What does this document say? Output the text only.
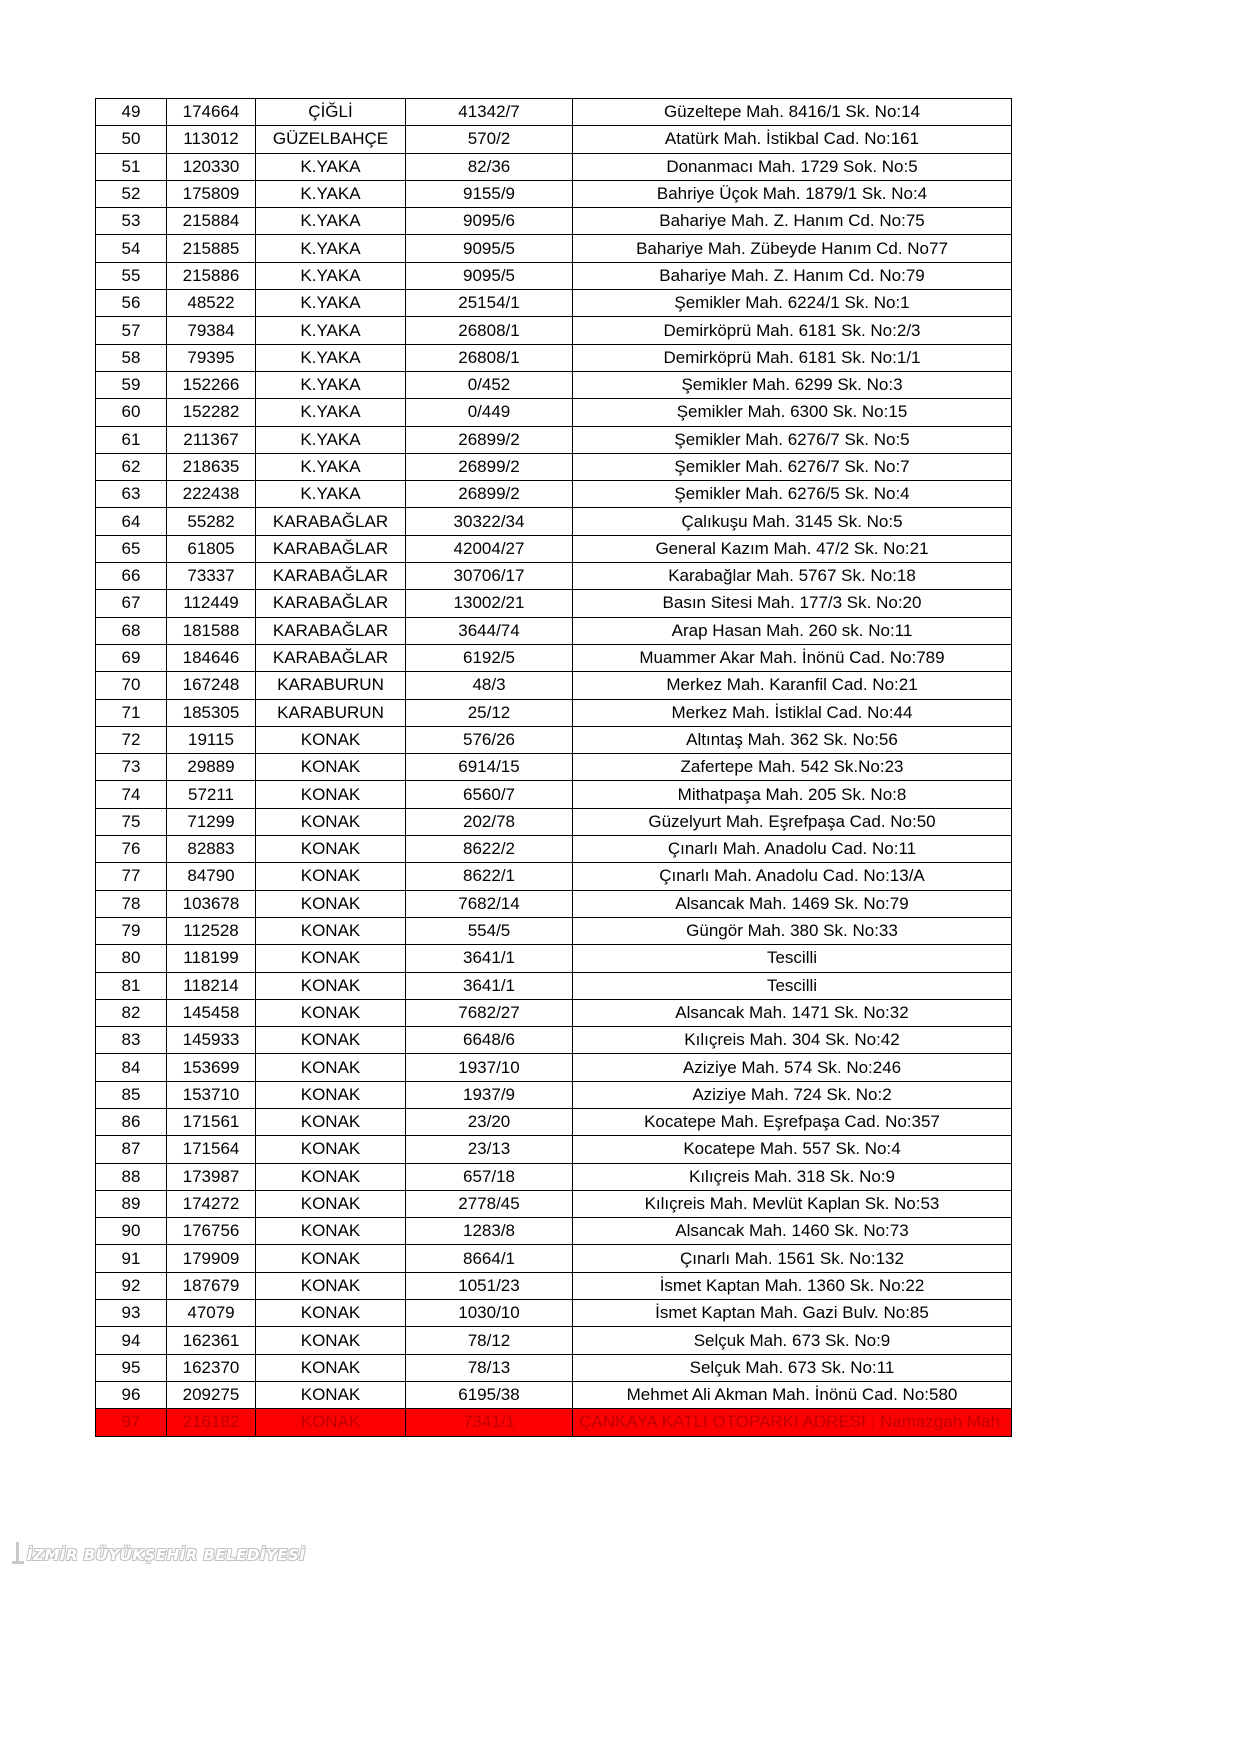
49	174664	ÇİĞLİ	41342/7	Güzeltepe Mah. 8416/1 Sk. No:14
50	113012	GÜZELBAHÇE	570/2	Atatürk Mah. İstikbal Cad. No:161
51	120330	K.YAKA	82/36	Donanmacı Mah. 1729 Sok. No:5
52	175809	K.YAKA	9155/9	Bahriye Üçok Mah. 1879/1 Sk. No:4
53	215884	K.YAKA	9095/6	Bahariye Mah. Z. Hanım Cd. No:75
54	215885	K.YAKA	9095/5	Bahariye Mah. Zübeyde Hanım Cd. No77
55	215886	K.YAKA	9095/5	Bahariye Mah. Z. Hanım Cd. No:79
56	48522	K.YAKA	25154/1	Şemikler Mah. 6224/1 Sk. No:1
57	79384	K.YAKA	26808/1	Demirköprü Mah. 6181 Sk. No:2/3
58	79395	K.YAKA	26808/1	Demirköprü Mah. 6181 Sk. No:1/1
59	152266	K.YAKA	0/452	Şemikler Mah. 6299 Sk. No:3
60	152282	K.YAKA	0/449	Şemikler Mah. 6300 Sk. No:15
61	211367	K.YAKA	26899/2	Şemikler Mah. 6276/7 Sk. No:5
62	218635	K.YAKA	26899/2	Şemikler Mah. 6276/7 Sk. No:7
63	222438	K.YAKA	26899/2	Şemikler Mah. 6276/5 Sk. No:4
64	55282	KARABAĞLAR	30322/34	Çalıkuşu Mah. 3145 Sk. No:5
65	61805	KARABAĞLAR	42004/27	General Kazım Mah. 47/2 Sk. No:21
66	73337	KARABAĞLAR	30706/17	Karabağlar Mah. 5767 Sk. No:18
67	112449	KARABAĞLAR	13002/21	Basın Sitesi Mah. 177/3 Sk. No:20
68	181588	KARABAĞLAR	3644/74	Arap Hasan Mah. 260 sk. No:11
69	184646	KARABAĞLAR	6192/5	Muammer Akar Mah. İnönü Cad. No:789
70	167248	KARABURUN	48/3	Merkez Mah. Karanfil Cad. No:21
71	185305	KARABURUN	25/12	Merkez Mah. İstiklal Cad. No:44
72	19115	KONAK	576/26	Altıntaş Mah. 362 Sk. No:56
73	29889	KONAK	6914/15	Zafertepe Mah. 542 Sk.No:23
74	57211	KONAK	6560/7	Mithatpaşa Mah. 205 Sk. No:8
75	71299	KONAK	202/78	Güzelyurt Mah. Eşrefpaşa Cad. No:50
76	82883	KONAK	8622/2	Çınarlı Mah. Anadolu Cad. No:11
77	84790	KONAK	8622/1	Çınarlı Mah. Anadolu Cad. No:13/A
78	103678	KONAK	7682/14	Alsancak Mah. 1469 Sk. No:79
79	112528	KONAK	554/5	Güngör Mah. 380 Sk. No:33
80	118199	KONAK	3641/1	Tescilli
81	118214	KONAK	3641/1	Tescilli
82	145458	KONAK	7682/27	Alsancak Mah. 1471 Sk. No:32
83	145933	KONAK	6648/6	Kılıçreis Mah. 304 Sk. No:42
84	153699	KONAK	1937/10	Aziziye Mah. 574 Sk. No:246
85	153710	KONAK	1937/9	Aziziye Mah. 724 Sk. No:2
86	171561	KONAK	23/20	Kocatepe Mah. Eşrefpaşa Cad. No:357
87	171564	KONAK	23/13	Kocatepe Mah. 557 Sk. No:4
88	173987	KONAK	657/18	Kılıçreis Mah. 318 Sk. No:9
89	174272	KONAK	2778/45	Kılıçreis Mah. Mevlüt Kaplan Sk. No:53
90	176756	KONAK	1283/8	Alsancak Mah. 1460 Sk. No:73
91	179909	KONAK	8664/1	Çınarlı Mah. 1561 Sk. No:132
92	187679	KONAK	1051/23	İsmet Kaptan Mah. 1360 Sk. No:22
93	47079	KONAK	1030/10	İsmet Kaptan Mah. Gazi Bulv. No:85
94	162361	KONAK	78/12	Selçuk Mah. 673 Sk. No:9
95	162370	KONAK	78/13	Selçuk Mah. 673 Sk. No:11
96	209275	KONAK	6195/38	Mehmet Ali Akman Mah. İnönü Cad. No:580
97	216182	KONAK	7341/1	ÇANKAYA KATLI OTOPARKI ADRESİ : Namazgah Mah.
İZMİR BÜYÜKŞEHİR BELEDİYESİ
